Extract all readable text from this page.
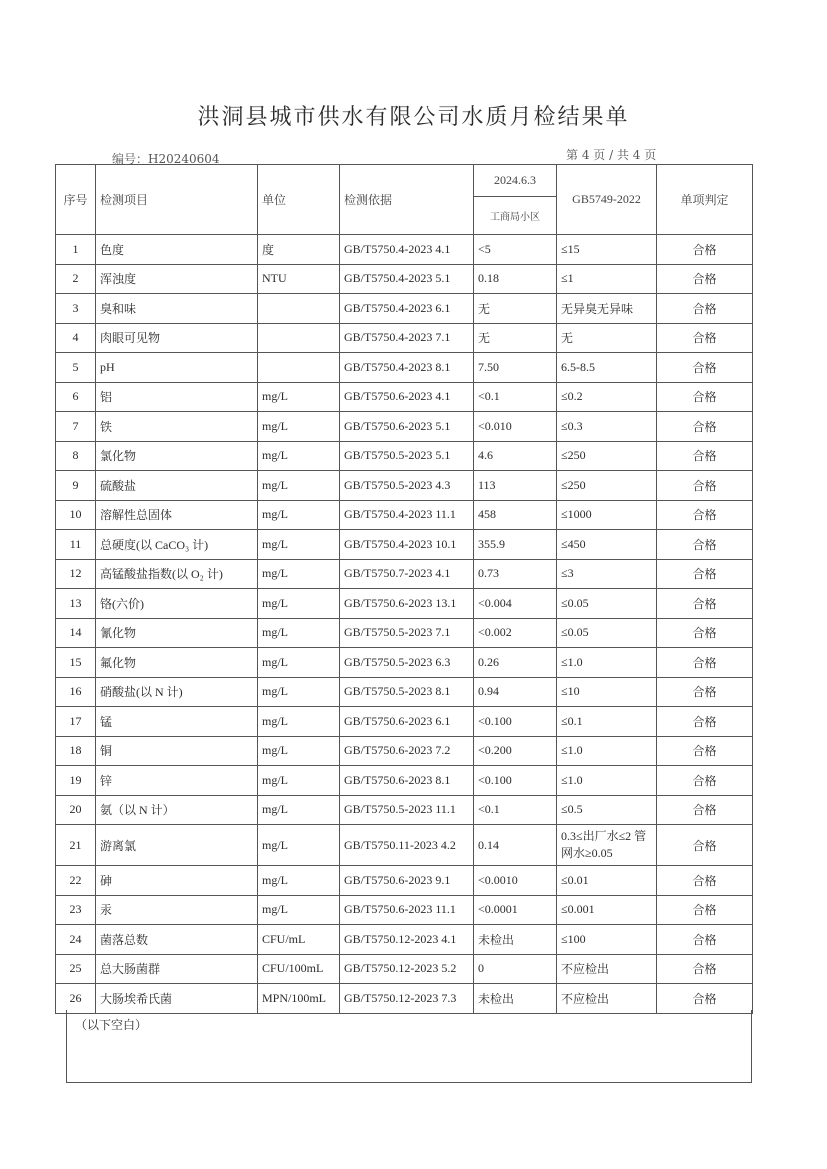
洪洞县城市供水有限公司水质月检结果单
编号：H20240604	第 4 页 / 共 4 页
序号	检测项目	单位	检测依据	2024.6.3	GB5749-2022	单项判定
				工商局小区		
1	色度	度	GB/T5750.4-2023 4.1	<5	≤15	合格
2	浑浊度	NTU	GB/T5750.4-2023 5.1	0.18	≤1	合格
3	臭和味		GB/T5750.4-2023 6.1	无	无异臭无异味	合格
4	肉眼可见物		GB/T5750.4-2023 7.1	无	无	合格
5	pH		GB/T5750.4-2023 8.1	7.50	6.5-8.5	合格
6	铝	mg/L	GB/T5750.6-2023 4.1	<0.1	≤0.2	合格
7	铁	mg/L	GB/T5750.6-2023 5.1	<0.010	≤0.3	合格
8	氯化物	mg/L	GB/T5750.5-2023 5.1	4.6	≤250	合格
9	硫酸盐	mg/L	GB/T5750.5-2023 4.3	113	≤250	合格
10	溶解性总固体	mg/L	GB/T5750.4-2023 11.1	458	≤1000	合格
11	总硬度(以 CaCO₃ 计)	mg/L	GB/T5750.4-2023 10.1	355.9	≤450	合格
12	高锰酸盐指数(以 O₂ 计)	mg/L	GB/T5750.7-2023 4.1	0.73	≤3	合格
13	铬(六价)	mg/L	GB/T5750.6-2023 13.1	<0.004	≤0.05	合格
14	氰化物	mg/L	GB/T5750.5-2023 7.1	<0.002	≤0.05	合格
15	氟化物	mg/L	GB/T5750.5-2023 6.3	0.26	≤1.0	合格
16	硝酸盐(以 N 计)	mg/L	GB/T5750.5-2023 8.1	0.94	≤10	合格
17	锰	mg/L	GB/T5750.6-2023 6.1	<0.100	≤0.1	合格
18	铜	mg/L	GB/T5750.6-2023 7.2	<0.200	≤1.0	合格
19	锌	mg/L	GB/T5750.6-2023 8.1	<0.100	≤1.0	合格
20	氨（以 N 计）	mg/L	GB/T5750.5-2023 11.1	<0.1	≤0.5	合格
21	游离氯	mg/L	GB/T5750.11-2023 4.2	0.14	0.3≤出厂水≤2 管网水≥0.05	合格
22	砷	mg/L	GB/T5750.6-2023 9.1	<0.0010	≤0.01	合格
23	汞	mg/L	GB/T5750.6-2023 11.1	<0.0001	≤0.001	合格
24	菌落总数	CFU/mL	GB/T5750.12-2023 4.1	未检出	≤100	合格
25	总大肠菌群	CFU/100mL	GB/T5750.12-2023 5.2	0	不应检出	合格
26	大肠埃希氏菌	MPN/100mL	GB/T5750.12-2023 7.3	未检出	不应检出	合格
（以下空白）
